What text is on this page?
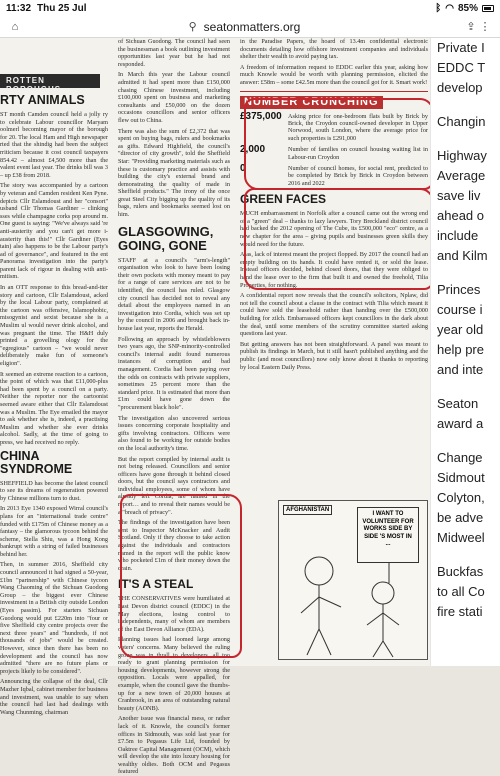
11:32 Thu 25 Jul	ᛒ ◠ 85%
⌂	⚲ seatonmatters.org	⇪ ⋮
ROTTEN BOROUGHS
RTY ANIMALS

ST month Camden council held a jolly ry to celebrate Labour councillor Maryam oolmerl becoming mayor of the borough for 20. The local Ham and High newspaper rted that the shindig had been the subject rriticism because it cost council taxpayers 854.42 – almost £4,500 more than the valent event last year. The drinks bill was 3 – up £38 from 2018.

The story was accompanied by a cartoon by veteran and Camden resident Ken Pyne. depicts Cllr Eslamdoust and her "consort" usband Cllr Thomas Gardiner – clinking sses while champagne corks pop around m. One guest is saying: "We've always said 're anti-austerity and you can't get more i-austerity than this!" Cllr Gardiner (Eyes tain) also happens to be the Labour party's ad of governance", and featured in the ent Panorama investigation into the party's parent lack of rigour in dealing with anti-mitism.

In an OTT response to this bread-and-tter story and cartoon, Cllr Eslamdoust, acked by the local Labour party, complained at the cartoon was offensive, Islamophobic, misogynist and sexist because she is a Muslim ul would never drink alcohol, and was pregnant the time. The H&H duly printed a grovelling ology for the "egregious" cartoon – "we would never deliberately make fun of someone's eligion".

It seemed an extreme reaction to a cartoon, the point of which was that £11,000-plus had been spent by a council on a party. Neither the reporter nor the cartoonist seemed aware either that Cllr Eslamdoust was a Muslim. The Eye emailed the mayor to ask whether she is, indeed, a practising Muslim and whether she ever drinks alcohol. Sadly, at the time of going to press, we had received no reply.

CHINA SYNDROME

SHEFFIELD has become the latest council to see its dreams of regeneration powered by Chinese millions turn to dust.

In 2013 Eye 1340 exposed Wirral council's plans for an "international trade centre" funded with £175m of Chinese money as a fantasy – the glamorous tycoon behind the scheme, Stella Shiu, was a Hong Kong bankrupt with a string of failed businesses behind her.

Then, in summer 2016, Sheffield city council announced it had signed a 50-year, £1bn "partnership" with Chinese tycoon Wang Chaoming of the Sichuan Guodong Group – the biggest ever Chinese investment in a British city outside London (Eyes passim). For starters Sichuan Guodong would put £220m into "four or five Sheffield city centre projects over the next three years" and "hundreds, if not thousands of jobs" would be created. However, since then there has been no development and the council has now admitted "there are no future plans or projects likely to be considered".

Announcing the collapse of the deal, Cllr Mazher Iqbal, cabinet member for business and investment, was unable to say when the council had last had dealings with Wang Chunming, chairman

of Sichuan Guodong. The council had seen the businessman a book outlining investment opportunities last year but he had not responded.

In March this year the Labour council admitted it had spent more than £150,000 chasing Chinese investment, including £100,000 spent on business and marketing consultants and £50,000 on the dozen occasions councillors and senior officers flew out to China.

There was also the sum of £2,372 that was spent on buying bags, rulers and bookmarks as gifts. Edward Highfield, the council's "director of city growth", told the Sheffield Star: "Providing marketing materials such as these is customary practice and assists with building the city's external brand and demonstrating the quality of made in Sheffield products." The irony of the once great Steel City bigging up the quality of its bags, rulers and bookmarks seemed lost on him.

GLASGOWING, GOING, GONE

STAFF at a council's "arm's-length" organisation who look to have been losing their own pockets with money meant to pay for a range of care services are not to be identified, the council has ruled. Glasgow city council has decided not to reveal any detail about the employees named in an investigation into Cordia, which was set up by the council in 2006 and brought back in-house last year, reports the Herald.

Following an approach by whistleblowers two years ago, the SNP-minority-controlled council's internal audit found numerous instances of corruption and bad management. Cordia had been paying over the odds on contracts with private suppliers, sometimes 25 percent more than the standard price. It is estimated that more than £1m could have gone down the "procurement black hole".

The investigation also uncovered serious issues concerning corporate hospitality and gifts involving contractors. Officers were also found to be working for outside bodies on the local authority's time.

But the report compiled by internal audit is not being released. Councillors and senior officers have gone through it behind closed doors, but the council says contractors and individual employees, some of whom have already left Cordia, are named in the report… and to reveal their names would be a "breach of privacy".

The findings of the investigation have been sent to Inspector McKnacker and Audit Scotland. Only if they choose to take action against the individuals and contractors named in the report will the public know who pocketed £1m of their money down the drain.

IT'S A STEAL

THE CONSERVATIVES were humiliated at East Devon district council (EDDC) in the May elections, losing control to independents, many of whom are members of the East Devon Alliance (EDA).

Planning issues had loomed large among voters' concerns. Many believed the ruling group was in thrall to developers, all too ready to grant planning permission for housing developments, however strong the opposition. Locals were appalled, for example, when the council gave the thumbs-up for a new town of 20,000 houses at Cranbrook, in an area of outstanding natural beauty (AONB).

Another issue was financial mess, or rather lack of it. Knowle, the council's former offices in Sidmouth, was sold last year for £7.5m to Pegasus Life Ltd, founded by Oaktree Capital Management (OCM), which will develop the site into luxury housing for wealthy oldies. Both OCM and Pegasus featured

in the Paradise Papers, the hoard of 13.4m confidential electronic documents detailing how offshore investment companies and individuals shelter their wealth to avoid paying tax.

A freedom of information request to EDDC earlier this year, asking how much Knowle would be worth with planning permission, elicited the answer: £58m – some £42.5m more than the council got for it. Smart work!

NUMBER CRUNCHING
£375,000 Asking price for one-bedroom flats built by Brick by Brick, the Croydon council-owned developer in Upper Norwood, south London, where the average price for such properties is £291,000
2,000	Number of families on council housing waiting list in Labour-run Croydon
0	Number of council homes, for social rent, predicted to be completed by Brick by Brick in Croydon between 2016 and 2022
GREEN FACES

MUCH embarrassment in Norfolk after a council came out the wrong end of a "green" deal – thanks to lazy lawyers. Tory Breckland district council had backed the 2012 opening of The Cube, its £500,000 "eco" centre, as a new chapter for the area – giving pupils and businesses green skills they would need for the future.

Alas, lack of interest meant the project flopped. By 2017 the council had an empty building on its hands. It could have rented it, or sold the lease. Instead officers decided, behind closed doors, that they were obliged to hand the lease over to the firm that built it and owned the freehold, Tilia Properties, for nothing.

A confidential report now reveals that the council's solicitors, Nplaw, did not tell the council about a clause in the contract with Tilia which meant it could have sold the leasehold rather than handing over the £500,000 building for zilch. Embarrassed officers kept councillors in the dark about the deal, until some members of the scrutiny committee started asking questions last year.

But getting answers has not been straightforward. A panel was meant to publish its findings in March, but it still hasn't published anything and the public (and most councillors) now only know about it thanks to reporting by local Eastern Daily Press.

AFGHANISTAN
I WANT TO VOLUNTEER FOR WORKS SIDE BY SIDE 'S MOST IN ...
Private I
EDDC T
develop
Changin
Highway
Average
save liv
ahead o
include
and Kilm
Princes
course i
year old
help pre
and inte
Seaton
award a
Change
Sidmout
Colyton,
be adve
Midweel
Buckfas
to all Co
fire stati
